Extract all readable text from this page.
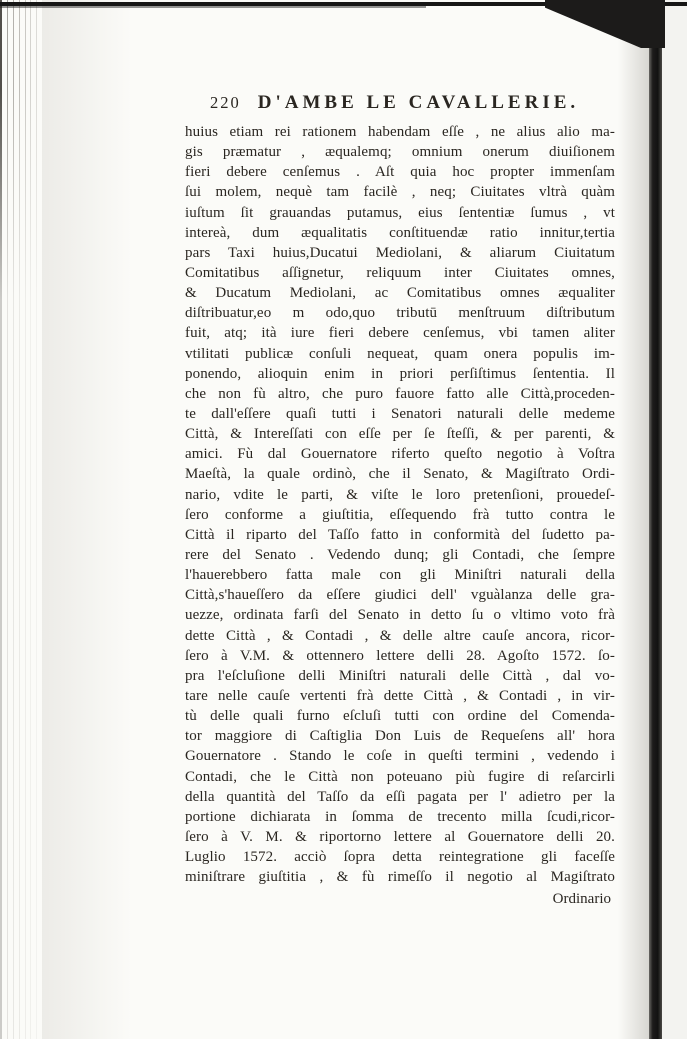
220 D'AMBE LE CAVALLERIE.
huius etiam rei rationem habendam eſſe , ne alius alio ma-
gis præmatur , æqualemq; omnium onerum diuiſionem
fieri debere cenſemus . Aſt quia hoc propter immenſam
ſui molem, nequè tam facilè , neq; Ciuitates vltrà quàm
iuſtum ſit grauandas putamus, eius ſententiæ ſumus , vt
intereà, dum æqualitatis conſtituendæ ratio innitur,tertia
pars Taxi huius,Ducatui Mediolani, & aliarum Ciuitatum
Comitatibus aſſignetur, reliquum inter Ciuitates omnes,
& Ducatum Mediolani, ac Comitatibus omnes æqualiter
diſtribuatur,eo m odo,quo tributū menſtruum diſtributum
fuit, atq; ità iure fieri debere cenſemus, vbi tamen aliter
vtilitati publicæ conſuli nequeat, quam onera populis im-
ponendo, alioquin enim in priori perſiſtimus ſententia. Il
che non fù altro, che puro fauore fatto alle Città,proceden-
te dall'eſſere quaſi tutti i Senatori naturali delle medeme
Città, & Intereſſati con eſſe per ſe ſteſſi, & per parenti, &
amici. Fù dal Gouernatore riferto queſto negotio à Voſtra
Maeſtà, la quale ordinò, che il Senato, & Magiſtrato Ordi-
nario, vdite le parti, & viſte le loro pretenſioni, prouedeſ-
ſero conforme a giuſtitia, eſſequendo frà tutto contra le
Città il riparto del Taſſo fatto in conformità del ſudetto pa-
rere del Senato . Vedendo dunq; gli Contadi, che ſempre
l'hauerebbero fatta male con gli Miniſtri naturali della
Città,s'haueſſero da eſſere giudici dell' vguàlanza delle gra-
uezze, ordinata farſi del Senato in detto ſu o vltimo voto frà
dette Città , & Contadi , & delle altre cauſe ancora, ricor-
ſero à V.M. & ottennero lettere delli 28. Agoſto 1572. ſo-
pra l'eſcluſione delli Miniſtri naturali delle Città , dal vo-
tare nelle cauſe vertenti frà dette Città , & Contadi , in vir-
tù delle quali furno eſcluſi tutti con ordine del Comenda-
tor maggiore di Caſtiglia Don Luis de Requeſens all' hora
Gouernatore . Stando le coſe in queſti termini , vedendo i
Contadi, che le Città non poteuano più fugire di reſarcirli
della quantità del Taſſo da eſſi pagata per l' adietro per la
portione dichiarata in ſomma de trecento milla ſcudi,ricor-
ſero à V. M. & riportorno lettere al Gouernatore delli 20.
Luglio 1572. acciò ſopra detta reintegratione gli faceſſe
miniſtrare giuſtitia , & fù rimeſſo il negotio al Magiſtrato
Ordinario
